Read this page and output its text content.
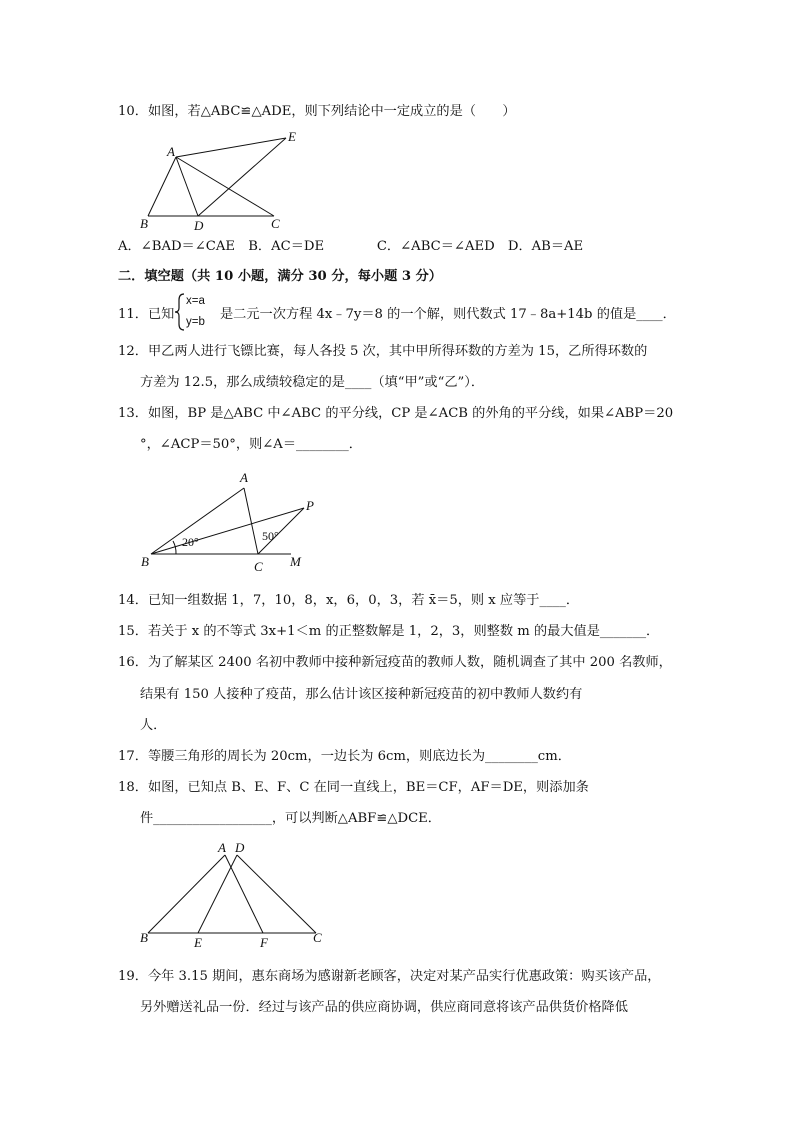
10．如图，若△ABC≌△ADE，则下列结论中一定成立的是（　　）
A
E
B	D	C
A．∠BAD＝∠CAE　B．AC＝DE　　　　C．∠ABC＝∠AED　D．AB＝AE
二．填空题（共 10 小题，满分 30 分，每小题 3 分）
11．已知
x=a
y=b 是二元一次方程 4x﹣7y＝8 的一个解，则代数式 17﹣8a+14b 的值是____．
12．甲乙两人进行飞镖比赛，每人各投 5 次，其中甲所得环数的方差为 15，乙所得环数的
方差为 12.5，那么成绩较稳定的是____（填“甲”或“乙”）．
13．如图，BP 是△ABC 中∠ABC 的平分线，CP 是∠ACB 的外角的平分线，如果∠ABP＝20
°，∠ACP＝50°，则∠A＝________．
A
P
B	C M
20°	50°
14．已知一组数据 1，7，10，8，x，6，0，3，若 x̄＝5，则 x 应等于____．
15．若关于 x 的不等式 3x+1＜m 的正整数解是 1，2，3，则整数 m 的最大值是_______．
16．为了解某区 2400 名初中教师中接种新冠疫苗的教师人数，随机调查了其中 200 名教师，
结果有 150 人接种了疫苗，那么估计该区接种新冠疫苗的初中教师人数约有
人．
17．等腰三角形的周长为 20cm，一边长为 6cm，则底边长为________cm．
18．如图，已知点 B、E、F、C 在同一直线上，BE＝CF，AF＝DE，则添加条
件__________________，可以判断△ABF≌△DCE．
A D
B	E	F	C
19．今年 3.15 期间，惠东商场为感谢新老顾客，决定对某产品实行优惠政策：购买该产品，
另外赠送礼品一份．经过与该产品的供应商协调，供应商同意将该产品供货价格降低
